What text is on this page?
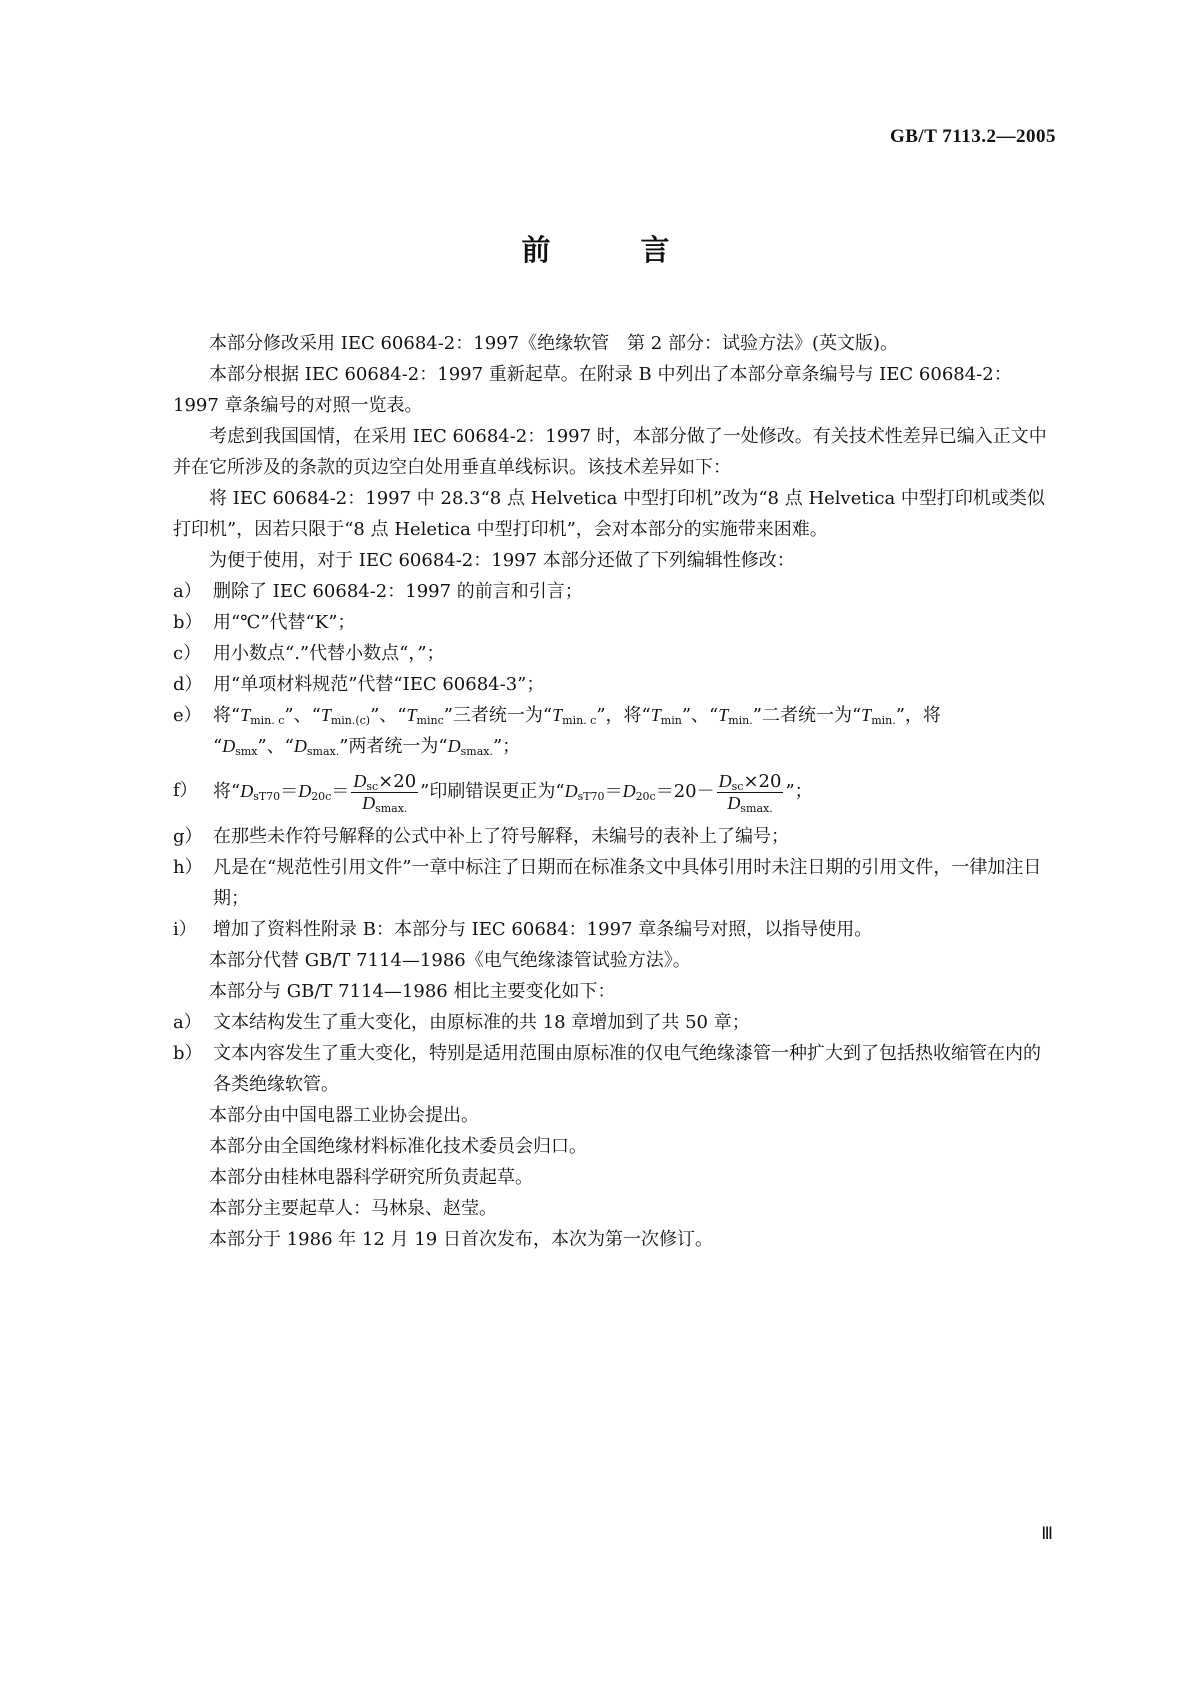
GB/T 7113.2—2005
前 言

本部分修改采用 IEC 60684-2：1997《绝缘软管　第 2 部分：试验方法》(英文版)。

本部分根据 IEC 60684-2：1997 重新起草。在附录 B 中列出了本部分章条编号与 IEC 60684-2：1997 章条编号的对照一览表。

考虑到我国国情，在采用 IEC 60684-2：1997 时，本部分做了一处修改。有关技术性差异已编入正文中并在它所涉及的条款的页边空白处用垂直单线标识。该技术差异如下：

将 IEC 60684-2：1997 中 28.3“8 点 Helvetica 中型打印机”改为“8 点 Helvetica 中型打印机或类似打印机”，因若只限于“8 点 Heletica 中型打印机”，会对本部分的实施带来困难。

为便于使用，对于 IEC 60684-2：1997 本部分还做了下列编辑性修改：

a） 删除了 IEC 60684-2：1997 的前言和引言；
b） 用“℃”代替“K”；
c） 用小数点“.”代替小数点“，”；
d） 用“单项材料规范”代替“IEC 60684-3”；
e） 将“$T_{min. c}$”、“$T_{min.(c)}$”、“$T_{minc}$”三者统一为“$T_{min. c}$”，将“$T_{min}$”、“$T_{min.}$”二者统一为“$T_{min.}$”，将
“$D_{smx}$”、“$D_{smax.}$”两者统一为“$D_{smax.}$”；
f） 将“$D_{sT70}=D_{20c}= \frac{D_{sc}\times 20}{D_{smax.}}$ ”印刷错误更正为“$D_{sT70}=D_{20c}=20- \frac{D_{sc}\times 20}{D_{smax.}}$ ”；
g） 在那些未作符号解释的公式中补上了符号解释，未编号的表补上了编号；
h） 凡是在“规范性引用文件”一章中标注了日期而在标准条文中具体引用时未注日期的引用文件，一律加注日期；
i） 增加了资料性附录 B：本部分与 IEC 60684：1997 章条编号对照，以指导使用。

本部分代替 GB/T 7114—1986《电气绝缘漆管试验方法》。

本部分与 GB/T 7114—1986 相比主要变化如下：

a） 文本结构发生了重大变化，由原标准的共 18 章增加到了共 50 章；
b） 文本内容发生了重大变化，特别是适用范围由原标准的仅电气绝缘漆管一种扩大到了包括热收缩管在内的各类绝缘软管。

本部分由中国电器工业协会提出。

本部分由全国绝缘材料标准化技术委员会归口。

本部分由桂林电器科学研究所负责起草。

本部分主要起草人：马林泉、赵莹。

本部分于 1986 年 12 月 19 日首次发布，本次为第一次修订。

Ⅲ
